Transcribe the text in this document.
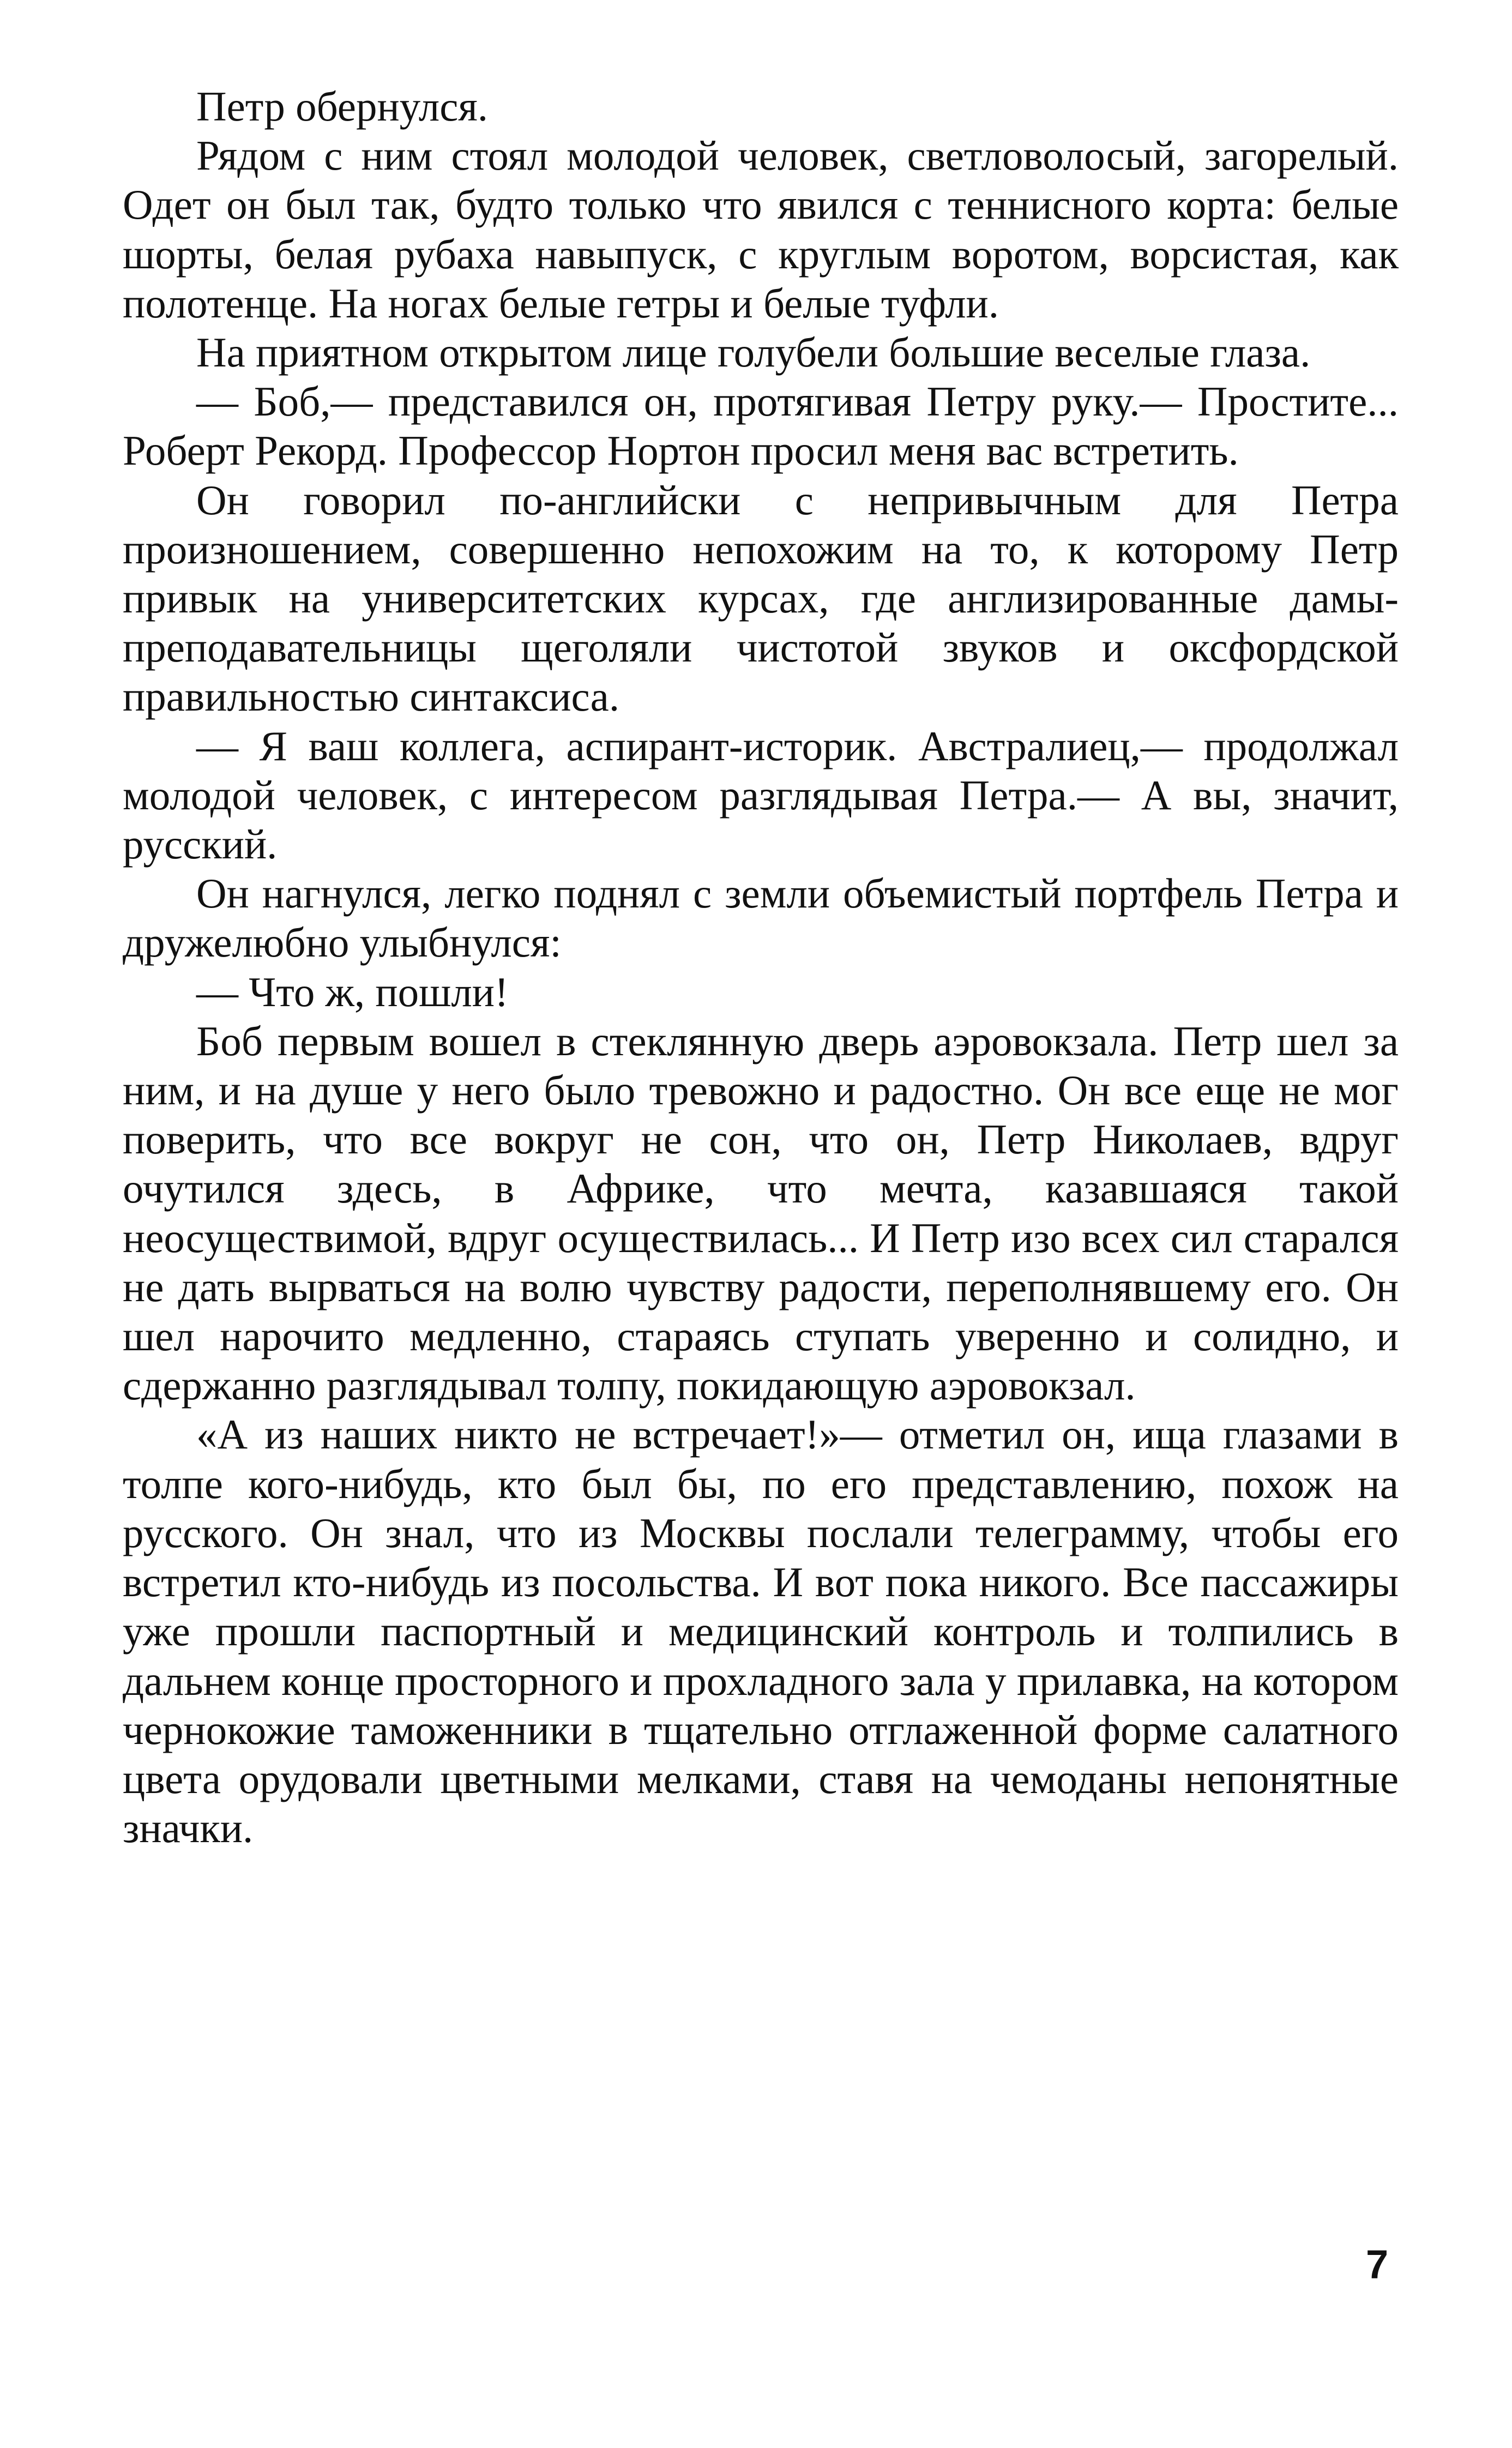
Петр обернулся.

Рядом с ним стоял молодой человек, светловолосый, загорелый. Одет он был так, будто только что явился с теннисного корта: белые шорты, белая рубаха навыпуск, с круглым воротом, ворсистая, как полотенце. На ногах белые гетры и белые туфли.

На приятном открытом лице голубели большие веселые глаза.

— Боб,— представился он, протягивая Петру руку.— Простите... Роберт Рекорд. Профессор Нортон просил меня вас встретить.

Он говорил по-английски с непривычным для Петра произношением, совершенно непохожим на то, к которому Петр привык на университетских курсах, где англизированные дамы-преподавательницы щеголяли чистотой звуков и оксфордской правильностью синтаксиса.

— Я ваш коллега, аспирант-историк. Австралиец,— продолжал молодой человек, с интересом разглядывая Петра.— А вы, значит, русский.

Он нагнулся, легко поднял с земли объемистый портфель Петра и дружелюбно улыбнулся:

— Что ж, пошли!

Боб первым вошел в стеклянную дверь аэровокзала. Петр шел за ним, и на душе у него было тревожно и радостно. Он все еще не мог поверить, что все вокруг не сон, что он, Петр Николаев, вдруг очутился здесь, в Африке, что мечта, казавшаяся такой неосуществимой, вдруг осуществилась... И Петр изо всех сил старался не дать вырваться на волю чувству радости, переполнявшему его. Он шел нарочито медленно, стараясь ступать уверенно и солидно, и сдержанно разглядывал толпу, покидающую аэровокзал.

«А из наших никто не встречает!»— отметил он, ища глазами в толпе кого-нибудь, кто был бы, по его представлению, похож на русского. Он знал, что из Москвы послали телеграмму, чтобы его встретил кто-нибудь из посольства. И вот пока никого. Все пассажиры уже прошли паспортный и медицинский контроль и толпились в дальнем конце просторного и прохладного зала у прилавка, на котором чернокожие таможенники в тщательно отглаженной форме салатного цвета орудовали цветными мелками, ставя на чемоданы непонятные значки.

7
